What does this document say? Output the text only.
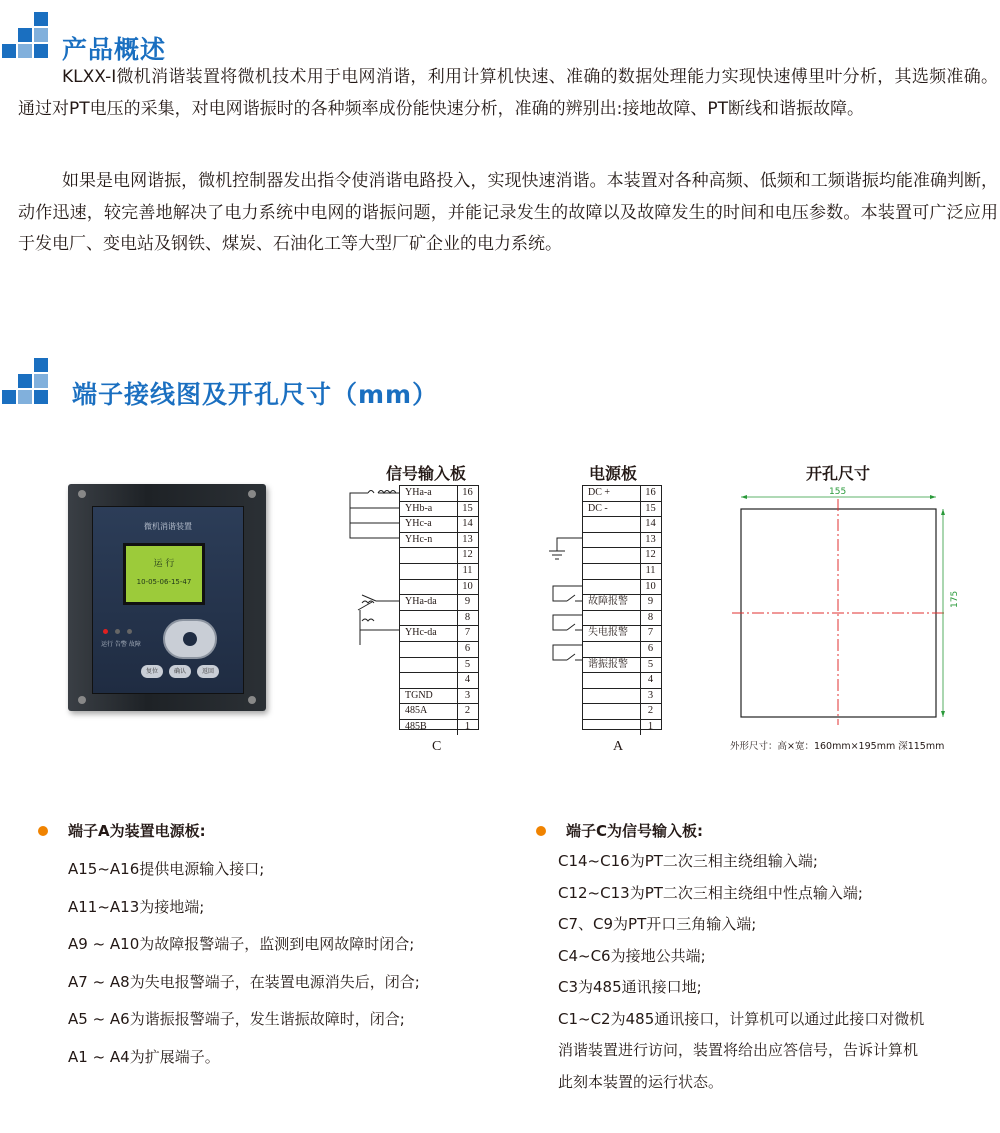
产品概述

KLXX-I微机消谐装置将微机技术用于电网消谐，利用计算机快速、准确的数据处理能力实现快速傅里叶分析，其选频准确。通过对PT电压的采集，对电网谐振时的各种频率成份能快速分析，准确的辨别出:接地故障、PT断线和谐振故障。

如果是电网谐振，微机控制器发出指令使消谐电路投入，实现快速消谐。本装置对各种高频、低频和工频谐振均能准确判断，动作迅速，较完善地解决了电力系统中电网的谐振问题，并能记录发生的故障以及故障发生的时间和电压参数。本装置可广泛应用于发电厂、变电站及钢铁、煤炭、石油化工等大型厂矿企业的电力系统。

端子接线图及开孔尺寸（mm）
微机消谐装置
运 行
10-05-06-15-47
运行 告警 故障
复位	确认	返回
信号输入板
YHa-a	16
YHb-a	15
YHc-a	14
YHc-n	13
12
11
10
YHa-da	9
8
YHc-da	7
6
5
4
TGND	3
485A	2
485B	1
C
电源板
DC +	16
DC -	15
14
13
12
11
10
故障报警	9
8
失电报警	7
6
谐振报警	5
4
3
2
1
A
开孔尺寸
155
175
外形尺寸：高×宽：160mm×195mm 深115mm
端子A为装置电源板:
A15~A16提供电源输入接口;
A11~A13为接地端;
A9 ~ A10为故障报警端子，监测到电网故障时闭合;
A7 ~ A8为失电报警端子，在装置电源消失后，闭合;
A5 ~ A6为谐振报警端子，发生谐振故障时，闭合;
A1 ~ A4为扩展端子。
端子C为信号输入板:
C14~C16为PT二次三相主绕组输入端;
C12~C13为PT二次三相主绕组中性点输入端;
C7、C9为PT开口三角输入端;
C4~C6为接地公共端;
C3为485通讯接口地;
C1~C2为485通讯接口，计算机可以通过此接口对微机
消谐装置进行访问，装置将给出应答信号，告诉计算机
此刻本装置的运行状态。
